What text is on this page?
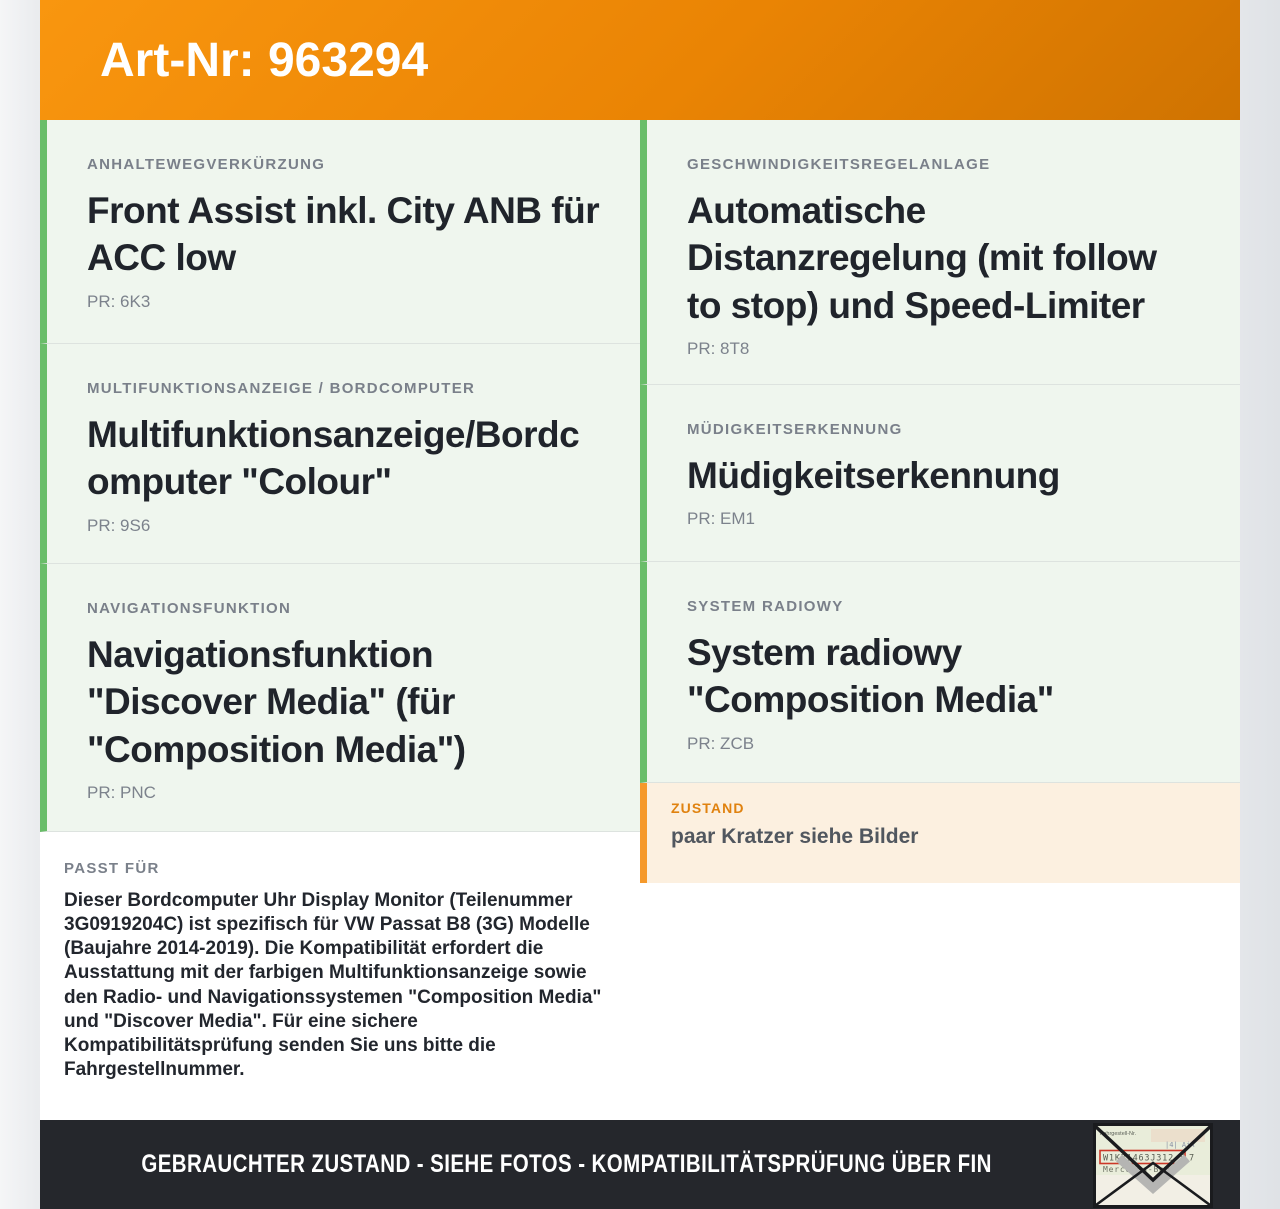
Art-Nr: 963294

ANHALTEWEGVERKÜRZUNG

Front Assist inkl. City ANB für ACC low

PR: 6K3

MULTIFUNKTIONSANZEIGE / BORDCOMPUTER

Multifunktionsanzeige/Bordcomputer "Colour"

PR: 9S6

NAVIGATIONSFUNKTION

Navigationsfunktion "Discover Media" (für "Composition Media")

PR: PNC

PASST FÜR

Dieser Bordcomputer Uhr Display Monitor (Teilenummer 3G0919204C) ist spezifisch für VW Passat B8 (3G) Modelle (Baujahre 2014-2019). Die Kompatibilität erfordert die Ausstattung mit der farbigen Multifunktionsanzeige sowie den Radio- und Navigationssystemen "Composition Media" und "Discover Media". Für eine sichere Kompatibilitätsprüfung senden Sie uns bitte die Fahrgestellnummer.

GESCHWINDIGKEITSREGELANLAGE

Automatische Distanzregelung (mit follow to stop) und Speed-Limiter

PR: 8T8

MÜDIGKEITSERKENNUNG

Müdigkeitserkennung

PR: EM1

SYSTEM RADIOWY

System radiowy "Composition Media"

PR: ZCB

ZUSTAND

paar Kratzer siehe Bilder

GEBRAUCHTER ZUSTAND - SIEHE FOTOS - KOMPATIBILITÄTSPRÜFUNG ÜBER FIN
Fahrgestell-Nr.
|4| AiA
W1K71463J312 8 7
Mercedes-Benz
